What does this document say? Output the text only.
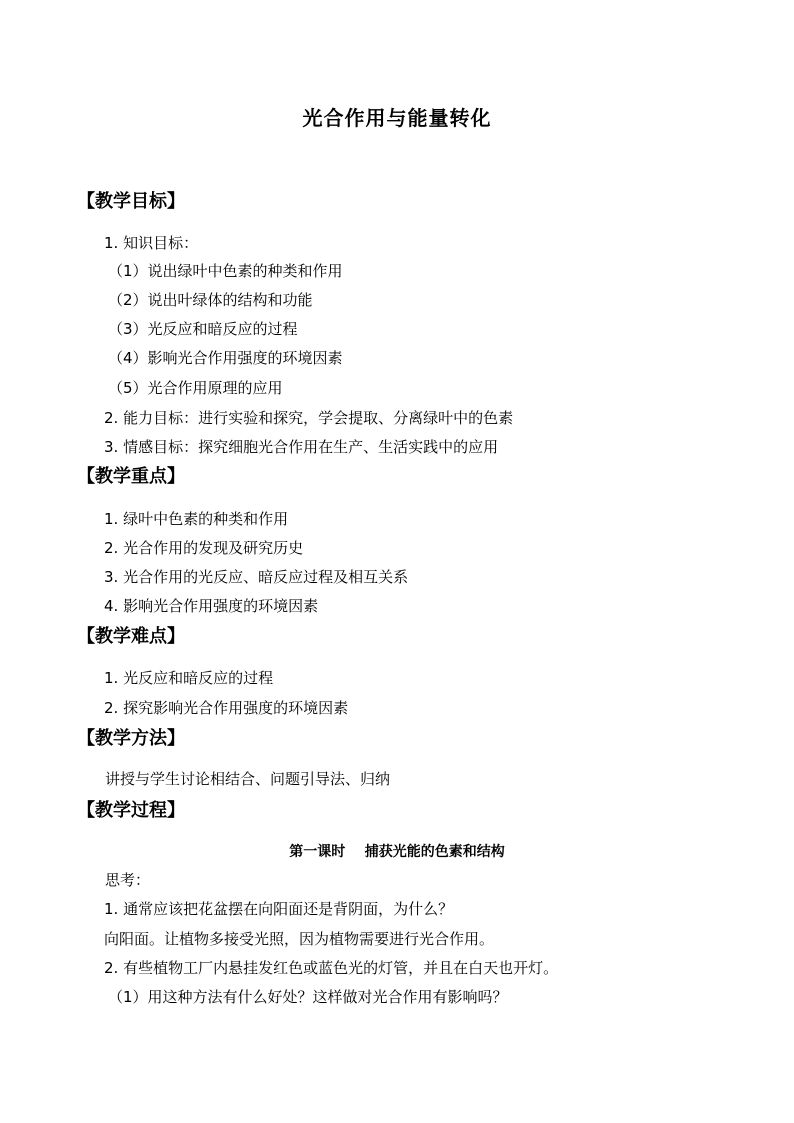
光合作用与能量转化
【教学目标】
1. 知识目标：
（1）说出绿叶中色素的种类和作用
（2）说出叶绿体的结构和功能
（3）光反应和暗反应的过程
（4）影响光合作用强度的环境因素
（5）光合作用原理的应用
2. 能力目标：进行实验和探究，学会提取、分离绿叶中的色素
3. 情感目标：探究细胞光合作用在生产、生活实践中的应用
【教学重点】
1. 绿叶中色素的种类和作用
2. 光合作用的发现及研究历史
3. 光合作用的光反应、暗反应过程及相互关系
4. 影响光合作用强度的环境因素
【教学难点】
1. 光反应和暗反应的过程
2. 探究影响光合作用强度的环境因素
【教学方法】
讲授与学生讨论相结合、问题引导法、归纳
【教学过程】
第一课时    捕获光能的色素和结构
思考：
1. 通常应该把花盆摆在向阳面还是背阴面，为什么？
向阳面。让植物多接受光照，因为植物需要进行光合作用。
2. 有些植物工厂内悬挂发红色或蓝色光的灯管，并且在白天也开灯。
（1）用这种方法有什么好处？这样做对光合作用有影响吗？
